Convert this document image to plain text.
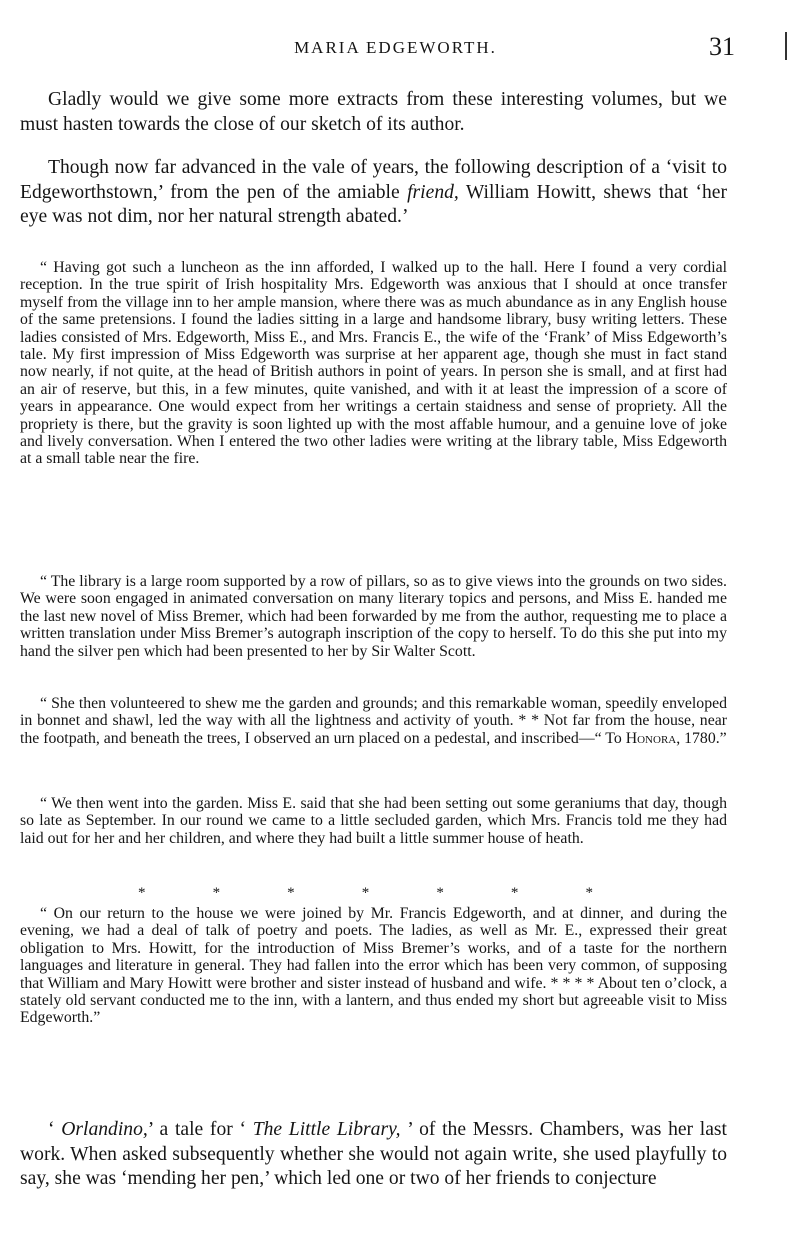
MARIA EDGEWORTH.	31

Gladly would we give some more extracts from these interesting volumes, but we must hasten towards the close of our sketch of its author.

Though now far advanced in the vale of years, the following description of a ‘visit to Edgeworthstown,’ from the pen of the amiable friend, William Howitt, shews that ‘her eye was not dim, nor her natural strength abated.’

“ Having got such a luncheon as the inn afforded, I walked up to the hall. Here I found a very cordial reception. In the true spirit of Irish hospitality Mrs. Edgeworth was anxious that I should at once transfer myself from the village inn to her ample mansion, where there was as much abundance as in any English house of the same pretensions. I found the ladies sitting in a large and handsome library, busy writing letters. These ladies consisted of Mrs. Edgeworth, Miss E., and Mrs. Francis E., the wife of the ‘Frank’ of Miss Edgeworth’s tale. My first impression of Miss Edgeworth was surprise at her apparent age, though she must in fact stand now nearly, if not quite, at the head of British authors in point of years. In person she is small, and at first had an air of reserve, but this, in a few minutes, quite vanished, and with it at least the impression of a score of years in appearance. One would expect from her writings a certain staidness and sense of propriety. All the propriety is there, but the gravity is soon lighted up with the most affable humour, and a genuine love of joke and lively conversation. When I entered the two other ladies were writing at the library table, Miss Edgeworth at a small table near the fire.

“ The library is a large room supported by a row of pillars, so as to give views into the grounds on two sides. We were soon engaged in animated conversation on many literary topics and persons, and Miss E. handed me the last new novel of Miss Bremer, which had been forwarded by me from the author, requesting me to place a written translation under Miss Bremer’s autograph inscription of the copy to herself. To do this she put into my hand the silver pen which had been presented to her by Sir Walter Scott.

“ She then volunteered to shew me the garden and grounds; and this remarkable woman, speedily enveloped in bonnet and shawl, led the way with all the lightness and activity of youth. * * Not far from the house, near the footpath, and beneath the trees, I observed an urn placed on a pedestal, and inscribed—“ To Honora, 1780.”

“ We then went into the garden. Miss E. said that she had been setting out some geraniums that day, though so late as September. In our round we came to a little secluded garden, which Mrs. Francis told me they had laid out for her and her children, and where they had built a little summer house of heath.

*	*	*	*	*	*	*

“ On our return to the house we were joined by Mr. Francis Edgeworth, and at dinner, and during the evening, we had a deal of talk of poetry and poets. The ladies, as well as Mr. E., expressed their great obligation to Mrs. Howitt, for the introduction of Miss Bremer’s works, and of a taste for the northern languages and literature in general. They had fallen into the error which has been very common, of supposing that William and Mary Howitt were brother and sister instead of husband and wife. * * * * About ten o’clock, a stately old servant conducted me to the inn, with a lantern, and thus ended my short but agreeable visit to Miss Edgeworth.”

‘ Orlandino,’ a tale for ‘ The Little Library, ’ of the Messrs. Chambers, was her last work. When asked subsequently whether she would not again write, she used playfully to say, she was ‘mending her pen,’ which led one or two of her friends to conjecture
